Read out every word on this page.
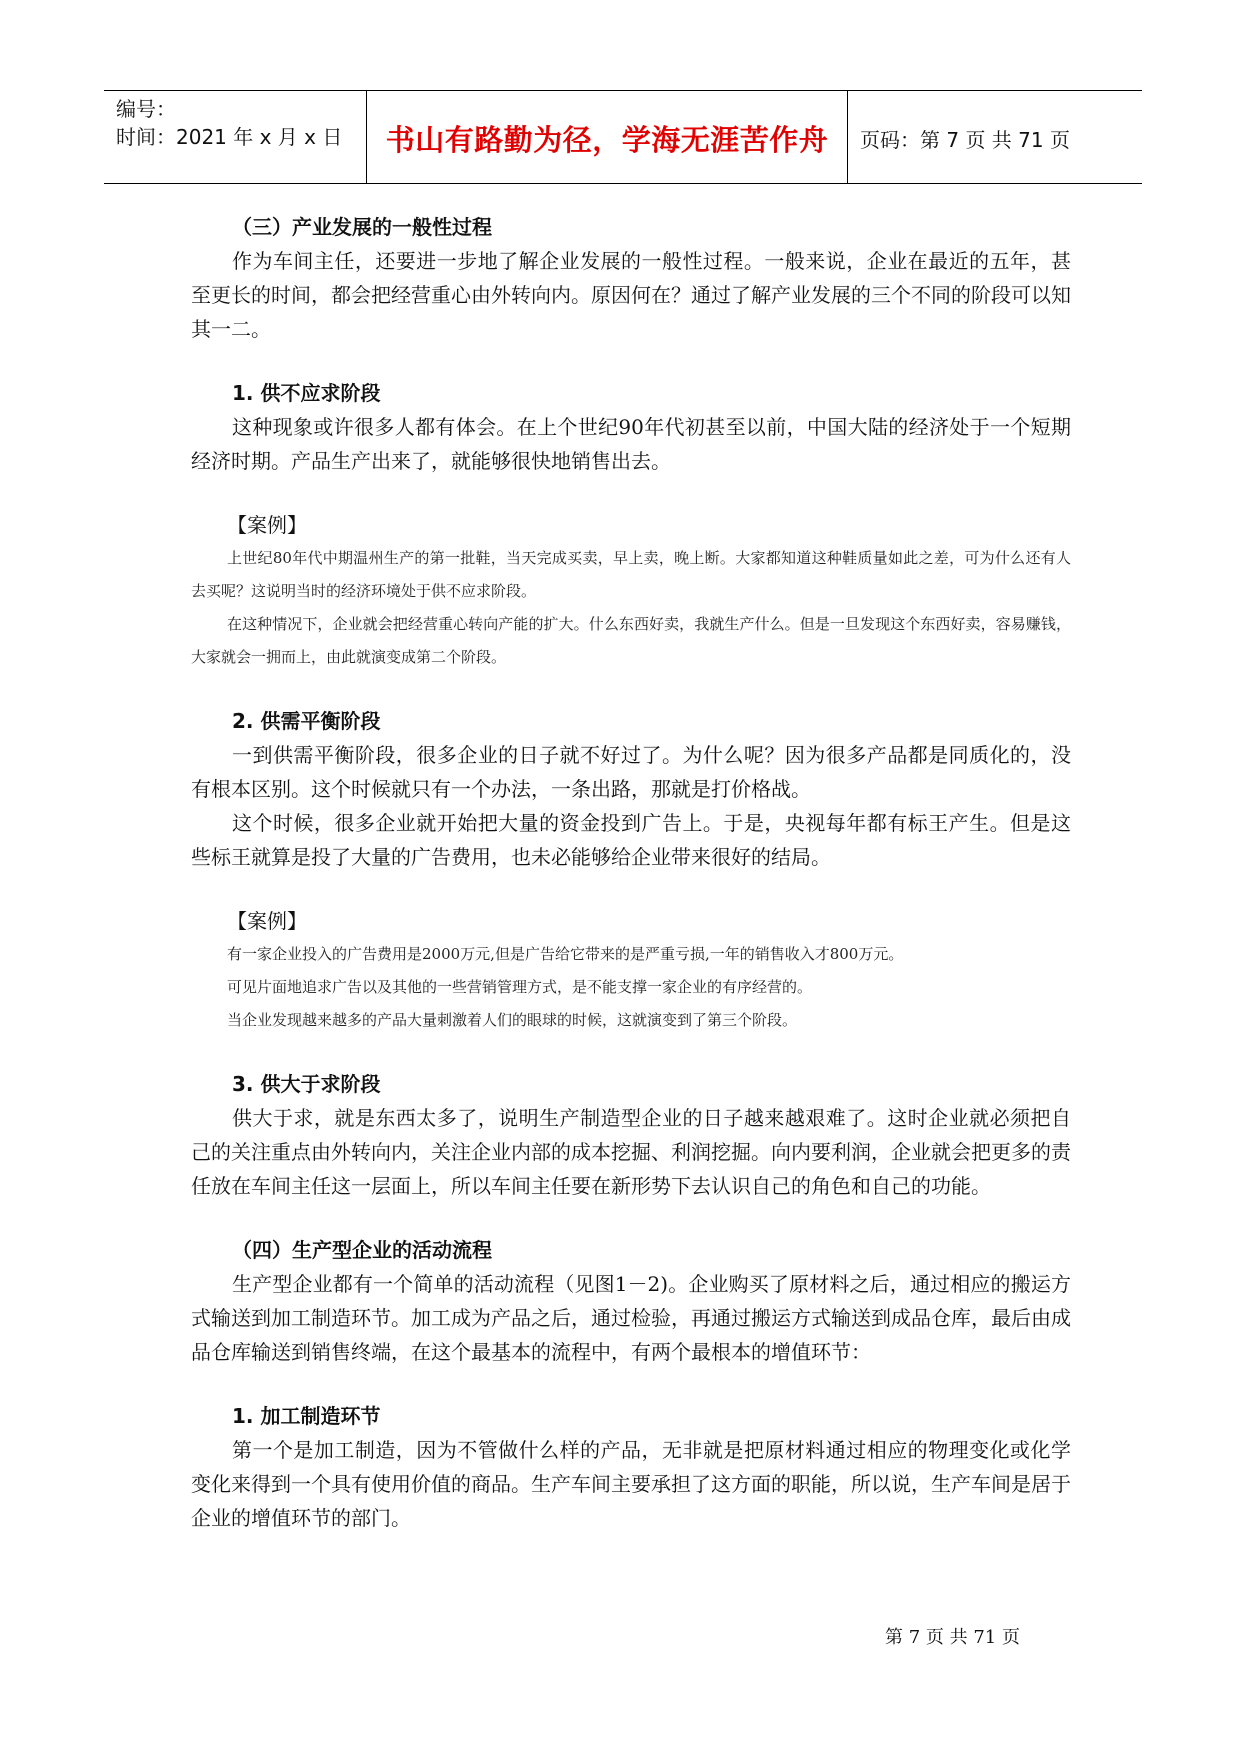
编号：
时间：2021 年 x 月 x 日	书山有路勤为径，学海无涯苦作舟	页码：第 7 页 共 71 页
（三）产业发展的一般性过程

作为车间主任，还要进一步地了解企业发展的一般性过程。一般来说，企业在最近的五年，甚至更长的时间，都会把经营重心由外转向内。原因何在？通过了解产业发展的三个不同的阶段可以知其一二。

1. 供不应求阶段

这种现象或许很多人都有体会。在上个世纪90年代初甚至以前，中国大陆的经济处于一个短期经济时期。产品生产出来了，就能够很快地销售出去。

【案例】

上世纪80年代中期温州生产的第一批鞋，当天完成买卖，早上卖，晚上断。大家都知道这种鞋质量如此之差，可为什么还有人去买呢？这说明当时的经济环境处于供不应求阶段。

在这种情况下，企业就会把经营重心转向产能的扩大。什么东西好卖，我就生产什么。但是一旦发现这个东西好卖，容易赚钱，大家就会一拥而上，由此就演变成第二个阶段。

2. 供需平衡阶段

一到供需平衡阶段，很多企业的日子就不好过了。为什么呢？因为很多产品都是同质化的，没有根本区别。这个时候就只有一个办法，一条出路，那就是打价格战。

这个时候，很多企业就开始把大量的资金投到广告上。于是，央视每年都有标王产生。但是这些标王就算是投了大量的广告费用，也未必能够给企业带来很好的结局。

【案例】

有一家企业投入的广告费用是2000万元,但是广告给它带来的是严重亏损,一年的销售收入才800万元。

可见片面地追求广告以及其他的一些营销管理方式，是不能支撑一家企业的有序经营的。

当企业发现越来越多的产品大量刺激着人们的眼球的时候，这就演变到了第三个阶段。

3. 供大于求阶段

供大于求，就是东西太多了，说明生产制造型企业的日子越来越艰难了。这时企业就必须把自己的关注重点由外转向内，关注企业内部的成本挖掘、利润挖掘。向内要利润，企业就会把更多的责任放在车间主任这一层面上，所以车间主任要在新形势下去认识自己的角色和自己的功能。

（四）生产型企业的活动流程

生产型企业都有一个简单的活动流程（见图1－2)。企业购买了原材料之后，通过相应的搬运方式输送到加工制造环节。加工成为产品之后，通过检验，再通过搬运方式输送到成品仓库，最后由成品仓库输送到销售终端，在这个最基本的流程中，有两个最根本的增值环节：

1. 加工制造环节

第一个是加工制造，因为不管做什么样的产品，无非就是把原材料通过相应的物理变化或化学变化来得到一个具有使用价值的商品。生产车间主要承担了这方面的职能，所以说，生产车间是居于企业的增值环节的部门。

第 7 页 共 71 页
